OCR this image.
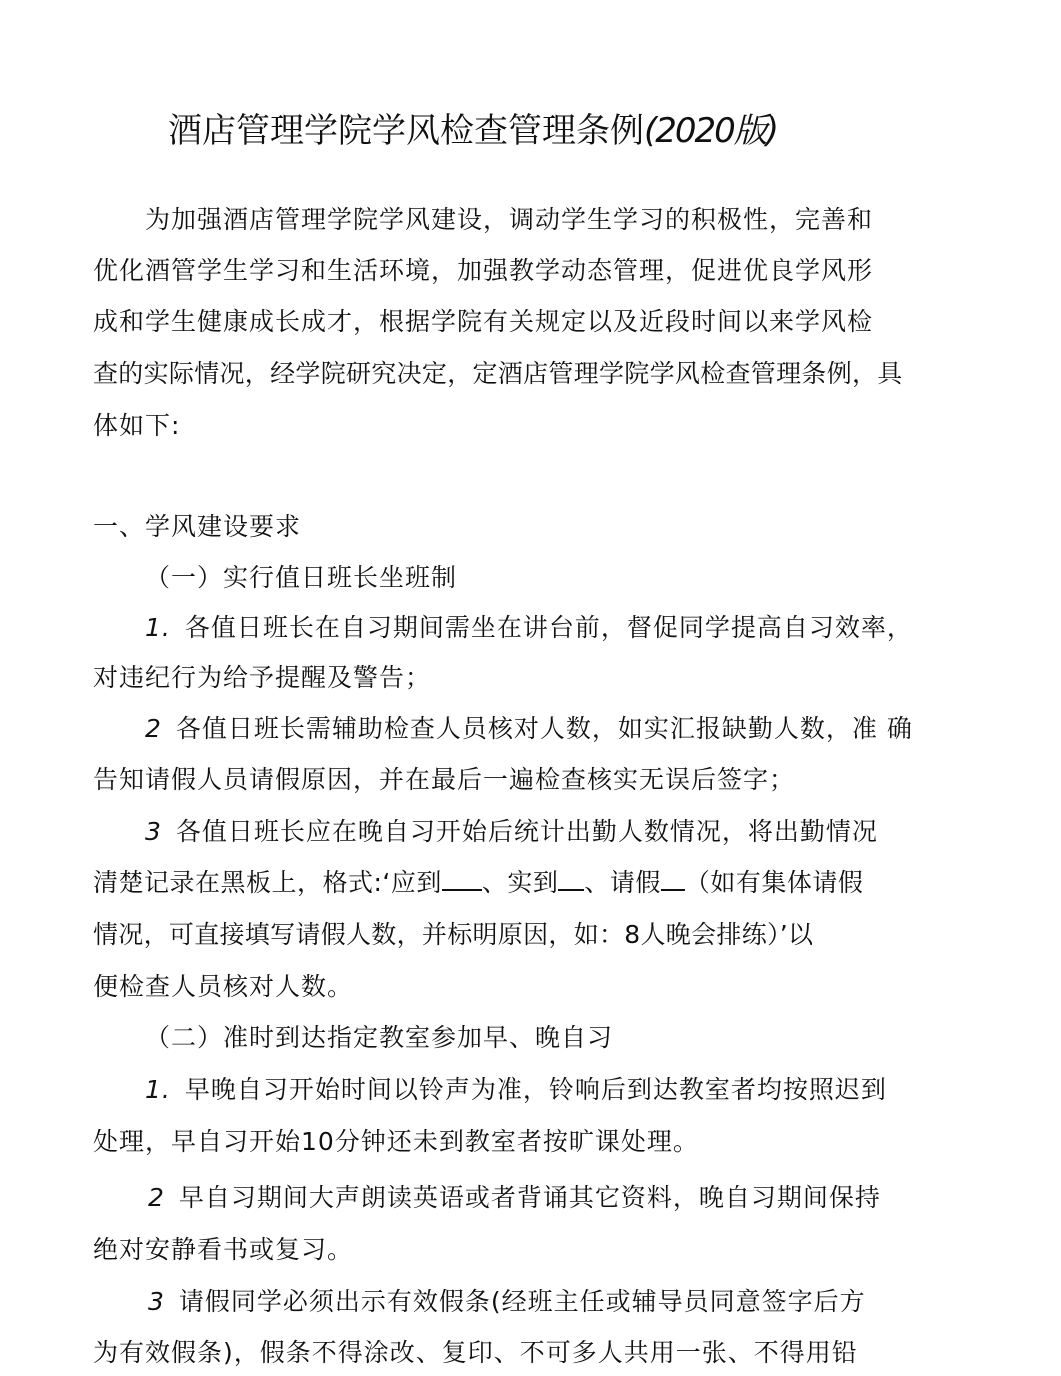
酒店管理学院学风检查管理条例(2020版)
为加强酒店管理学院学风建设，调动学生学习的积极性，完善和
优化酒管学生学习和生活环境，加强教学动态管理，促进优良学风形
成和学生健康成长成才，根据学院有关规定以及近段时间以来学风检
查的实际情况，经学院研究决定，定酒店管理学院学风检查管理条例，具
体如下:
一、学风建设要求
（一）实行值日班长坐班制
1. 各值日班长在自习期间需坐在讲台前，督促同学提高自习效率，
对违纪行为给予提醒及警告；
2 各值日班长需辅助检查人员核对人数，如实汇报缺勤人数，准 确
告知请假人员请假原因，并在最后一遍检查核实无误后签字；
3 各值日班长应在晚自习开始后统计出勤人数情况，将出勤情况
清楚记录在黑板上，格式:‘应到 、实到 、请假 （如有集体请假
情况，可直接填写请假人数，并标明原因，如：8人晚会排练）’以
便检查人员核对人数。
（二）准时到达指定教室参加早、晚自习
1. 早晚自习开始时间以铃声为准，铃响后到达教室者均按照迟到
处理，早自习开始10分钟还未到教室者按旷课处理。
2 早自习期间大声朗读英语或者背诵其它资料，晚自习期间保持
绝对安静看书或复习。
3 请假同学必须出示有效假条(经班主任或辅导员同意签字后方
为有效假条)，假条不得涂改、复印、不可多人共用一张、不得用铅
